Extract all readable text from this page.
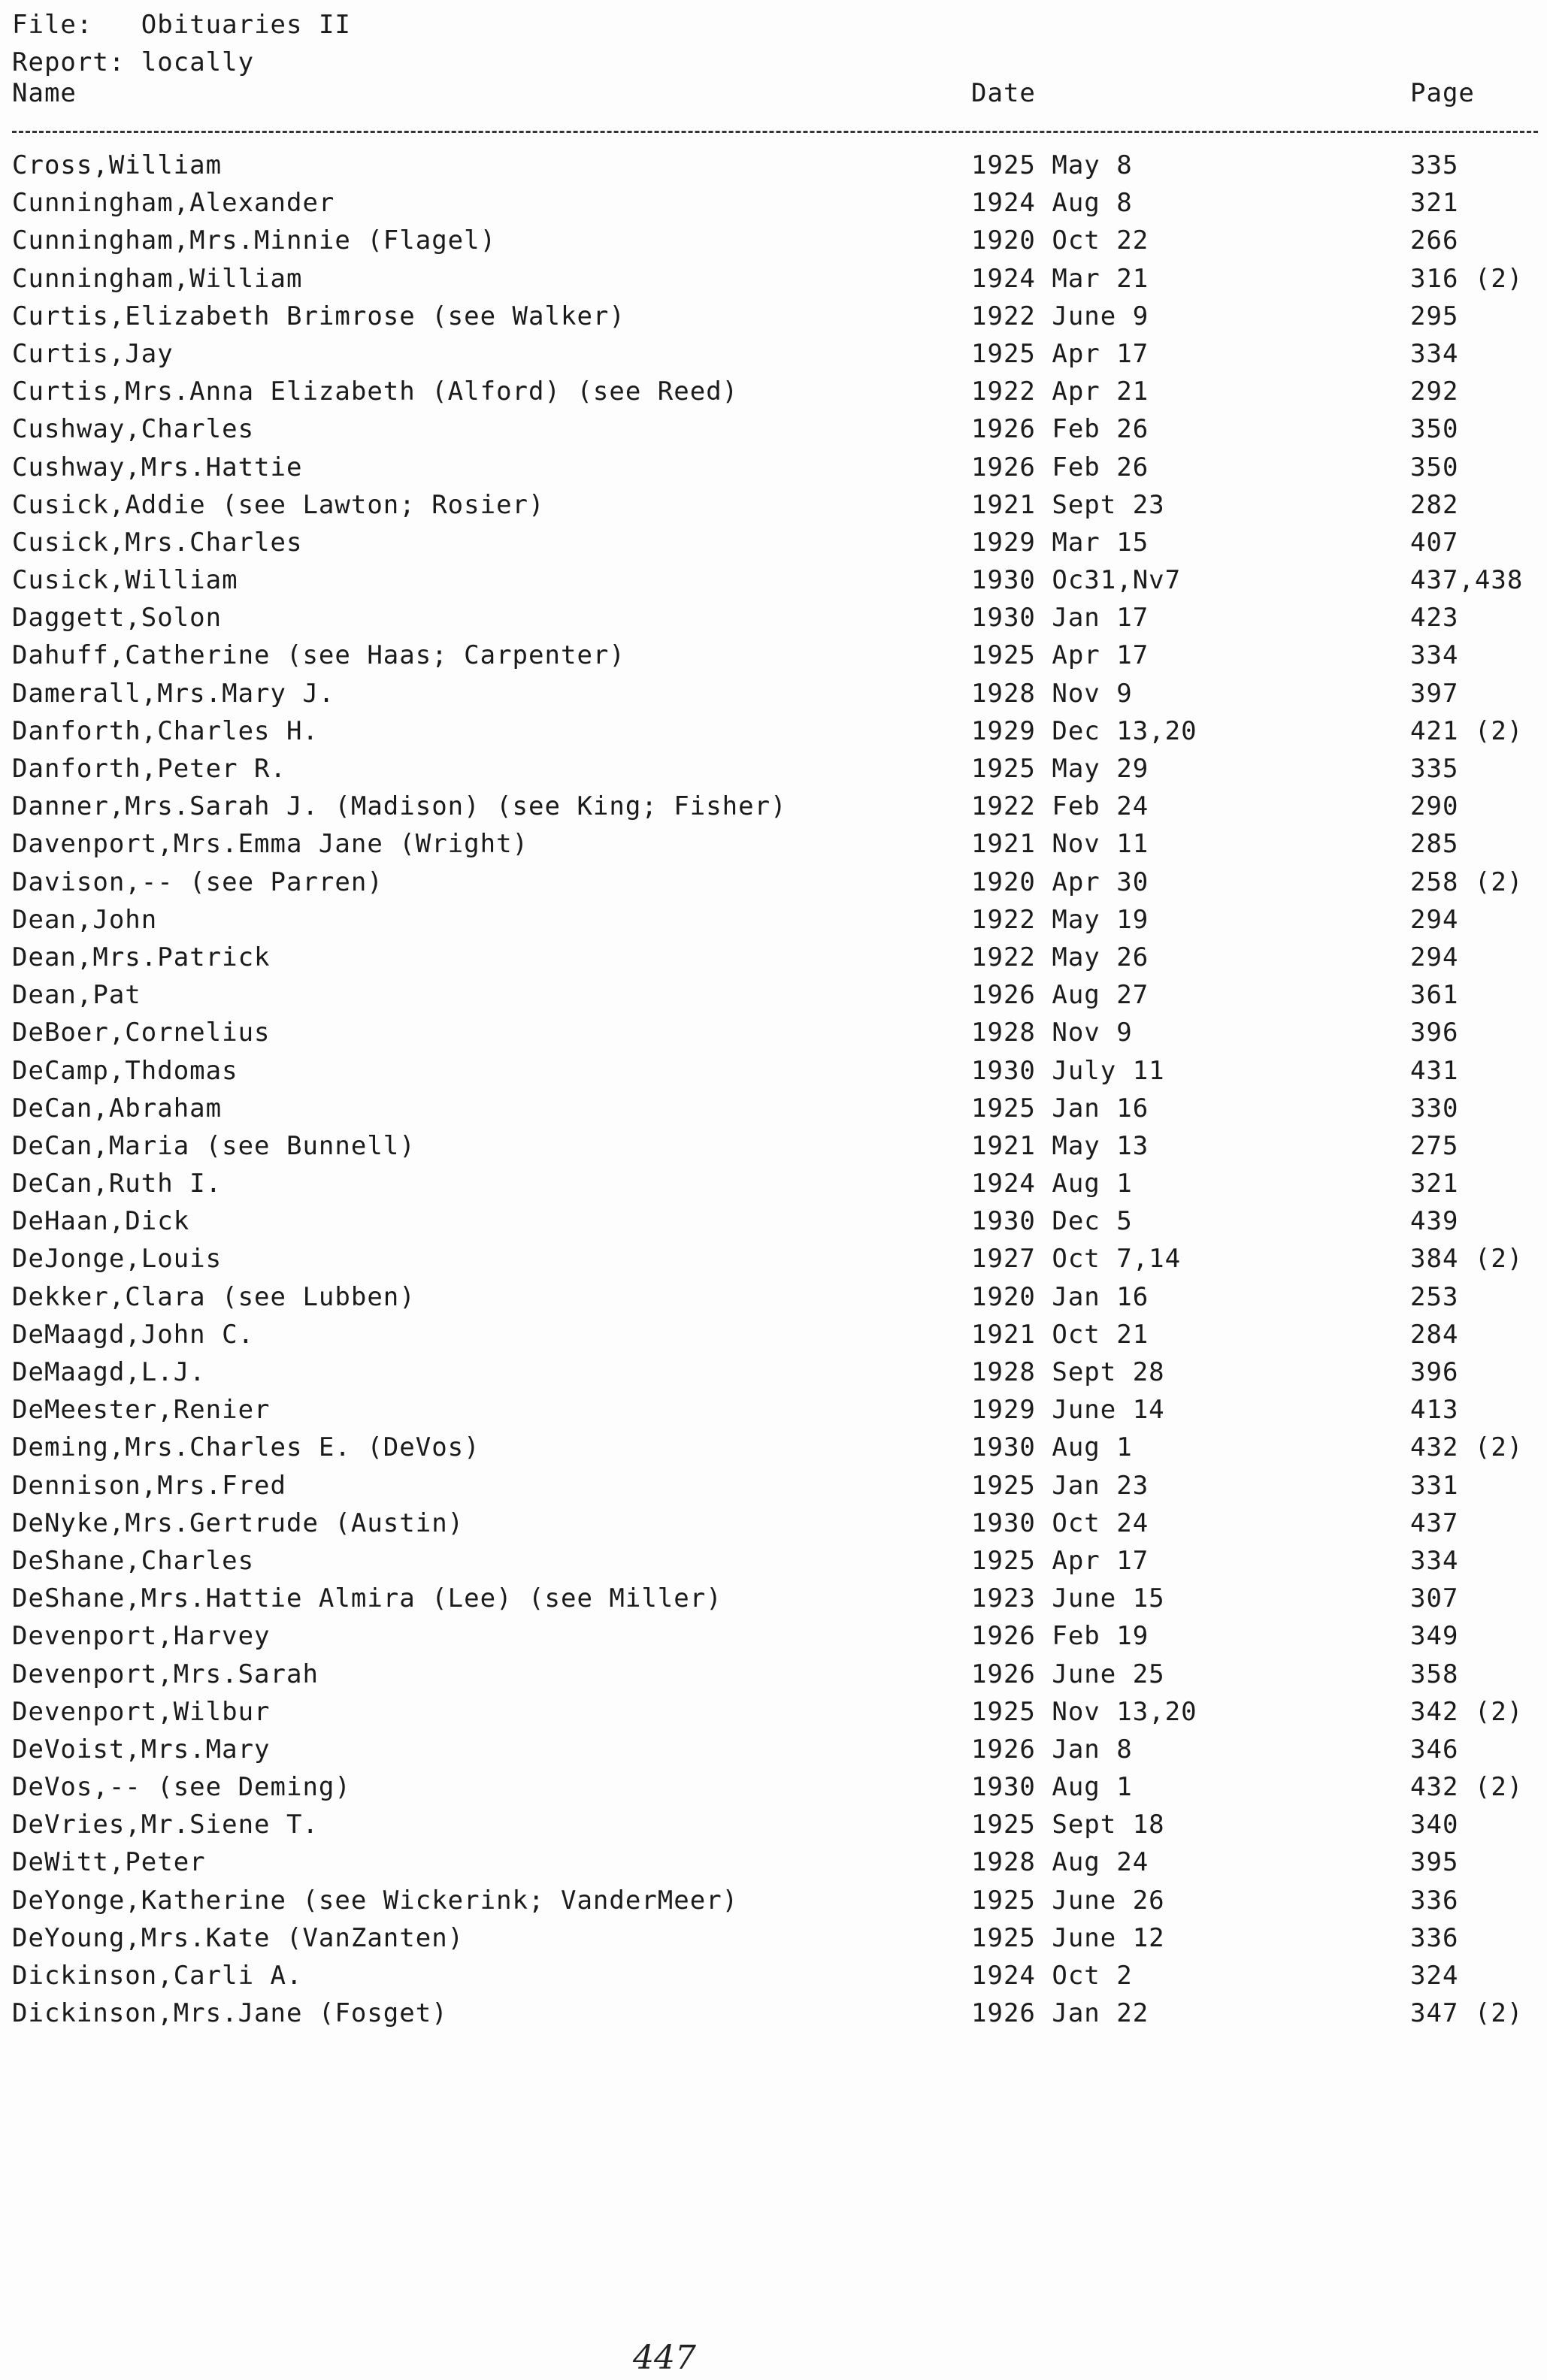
File: Obituaries II
Report: locally
Name	Date	Page
Cross,William	1925 May 8	335
Cunningham,Alexander	1924 Aug 8	321
Cunningham,Mrs.Minnie (Flagel)	1920 Oct 22	266
Cunningham,William	1924 Mar 21	316 (2)
Curtis,Elizabeth Brimrose (see Walker)	1922 June 9	295
Curtis,Jay	1925 Apr 17	334
Curtis,Mrs.Anna Elizabeth (Alford) (see Reed)	1922 Apr 21	292
Cushway,Charles	1926 Feb 26	350
Cushway,Mrs.Hattie	1926 Feb 26	350
Cusick,Addie (see Lawton; Rosier)	1921 Sept 23	282
Cusick,Mrs.Charles	1929 Mar 15	407
Cusick,William	1930 Oc31,Nv7	437,438
Daggett,Solon	1930 Jan 17	423
Dahuff,Catherine (see Haas; Carpenter)	1925 Apr 17	334
Damerall,Mrs.Mary J.	1928 Nov 9	397
Danforth,Charles H.	1929 Dec 13,20	421 (2)
Danforth,Peter R.	1925 May 29	335
Danner,Mrs.Sarah J. (Madison) (see King; Fisher)	1922 Feb 24	290
Davenport,Mrs.Emma Jane (Wright)	1921 Nov 11	285
Davison,-- (see Parren)	1920 Apr 30	258 (2)
Dean,John	1922 May 19	294
Dean,Mrs.Patrick	1922 May 26	294
Dean,Pat	1926 Aug 27	361
DeBoer,Cornelius	1928 Nov 9	396
DeCamp,Thdomas	1930 July 11	431
DeCan,Abraham	1925 Jan 16	330
DeCan,Maria (see Bunnell)	1921 May 13	275
DeCan,Ruth I.	1924 Aug 1	321
DeHaan,Dick	1930 Dec 5	439
DeJonge,Louis	1927 Oct 7,14	384 (2)
Dekker,Clara (see Lubben)	1920 Jan 16	253
DeMaagd,John C.	1921 Oct 21	284
DeMaagd,L.J.	1928 Sept 28	396
DeMeester,Renier	1929 June 14	413
Deming,Mrs.Charles E. (DeVos)	1930 Aug 1	432 (2)
Dennison,Mrs.Fred	1925 Jan 23	331
DeNyke,Mrs.Gertrude (Austin)	1930 Oct 24	437
DeShane,Charles	1925 Apr 17	334
DeShane,Mrs.Hattie Almira (Lee) (see Miller)	1923 June 15	307
Devenport,Harvey	1926 Feb 19	349
Devenport,Mrs.Sarah	1926 June 25	358
Devenport,Wilbur	1925 Nov 13,20	342 (2)
DeVoist,Mrs.Mary	1926 Jan 8	346
DeVos,-- (see Deming)	1930 Aug 1	432 (2)
DeVries,Mr.Siene T.	1925 Sept 18	340
DeWitt,Peter	1928 Aug 24	395
DeYonge,Katherine (see Wickerink; VanderMeer)	1925 June 26	336
DeYoung,Mrs.Kate (VanZanten)	1925 June 12	336
Dickinson,Carli A.	1924 Oct 2	324
Dickinson,Mrs.Jane (Fosget)	1926 Jan 22	347 (2)
447
